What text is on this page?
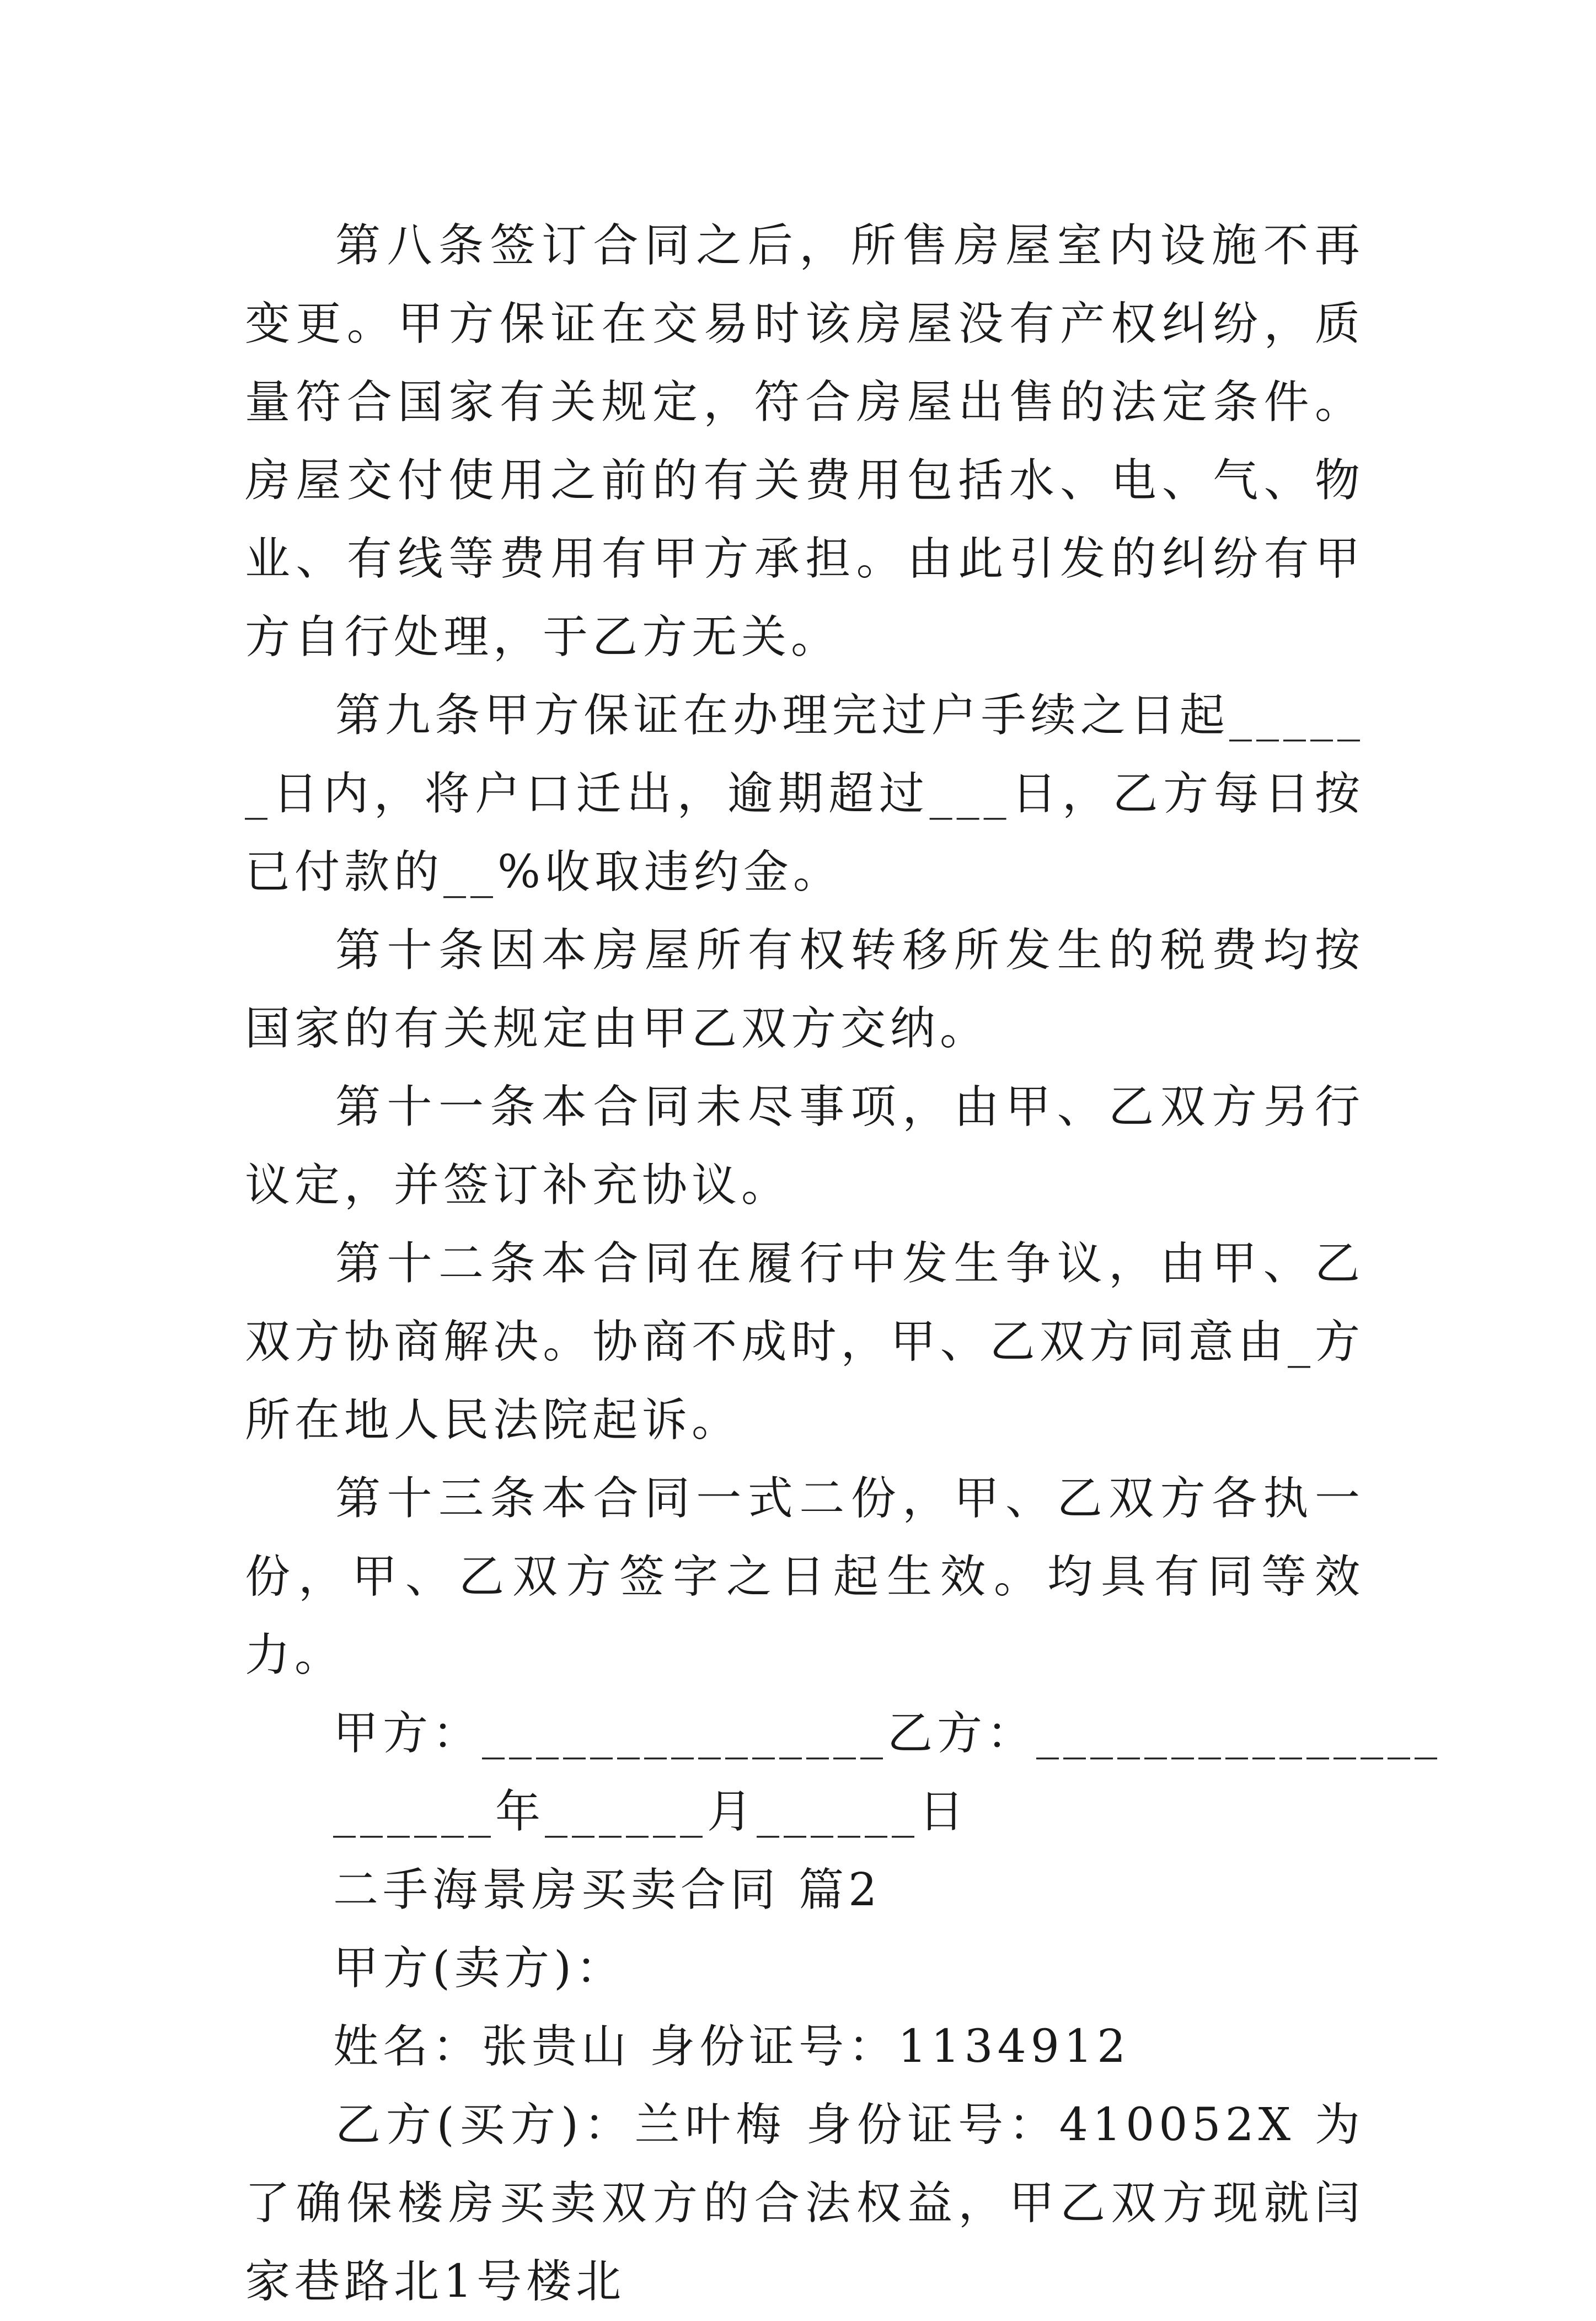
第八条签订合同之后，所售房屋室内设施不再变更。甲方保证在交易时该房屋没有产权纠纷，质量符合国家有关规定，符合房屋出售的法定条件。房屋交付使用之前的有关费用包括水、电、气、物业、有线等费用有甲方承担。由此引发的纠纷有甲方自行处理，于乙方无关。

第九条甲方保证在办理完过户手续之日起______日内，将户口迁出，逾期超过___日，乙方每日按已付款的__%收取违约金。

第十条因本房屋所有权转移所发生的税费均按国家的有关规定由甲乙双方交纳。

第十一条本合同未尽事项，由甲、乙双方另行议定，并签订补充协议。

第十二条本合同在履行中发生争议，由甲、乙双方协商解决。协商不成时，甲、乙双方同意由_方所在地人民法院起诉。

第十三条本合同一式二份，甲、乙双方各执一份，甲、乙双方签字之日起生效。均具有同等效力。

甲方：_______________乙方：_______________

______年______月______日

二手海景房买卖合同 篇2

甲方(卖方)：

姓名：张贵山 身份证号：1134912

乙方(买方)：兰叶梅 身份证号：410052X 为了确保楼房买卖双方的合法权益，甲乙双方现就闫家巷路北1号楼北
